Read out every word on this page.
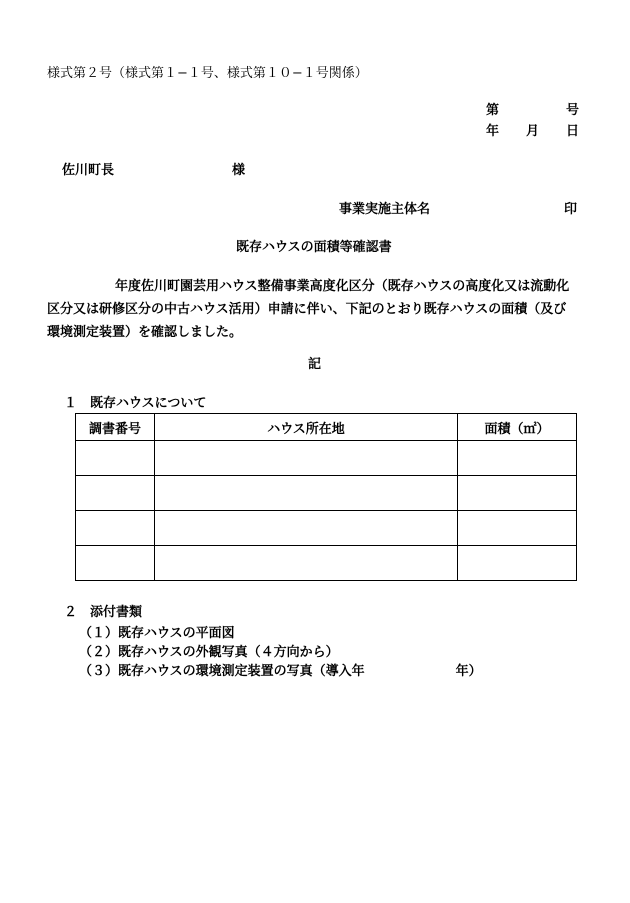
様式第２号（様式第１−１号、様式第１０−１号関係）
第	号
年 月 日
佐川町長	様
事業実施主体名	印
既存ハウスの面積等確認書
年度佐川町園芸用ハウス整備事業高度化区分（既存ハウスの高度化又は流動化
区分又は研修区分の中古ハウス活用）申請に伴い、下記のとおり既存ハウスの面積（及び
環境測定装置）を確認しました。
記
１　既存ハウスについて
調書番号	ハウス所在地	面積（㎡）

２　添付書類
（１）既存ハウスの平面図
（２）既存ハウスの外観写真（４方向から）
（３）既存ハウスの環境測定装置の写真（導入年　　　　　　　年）
